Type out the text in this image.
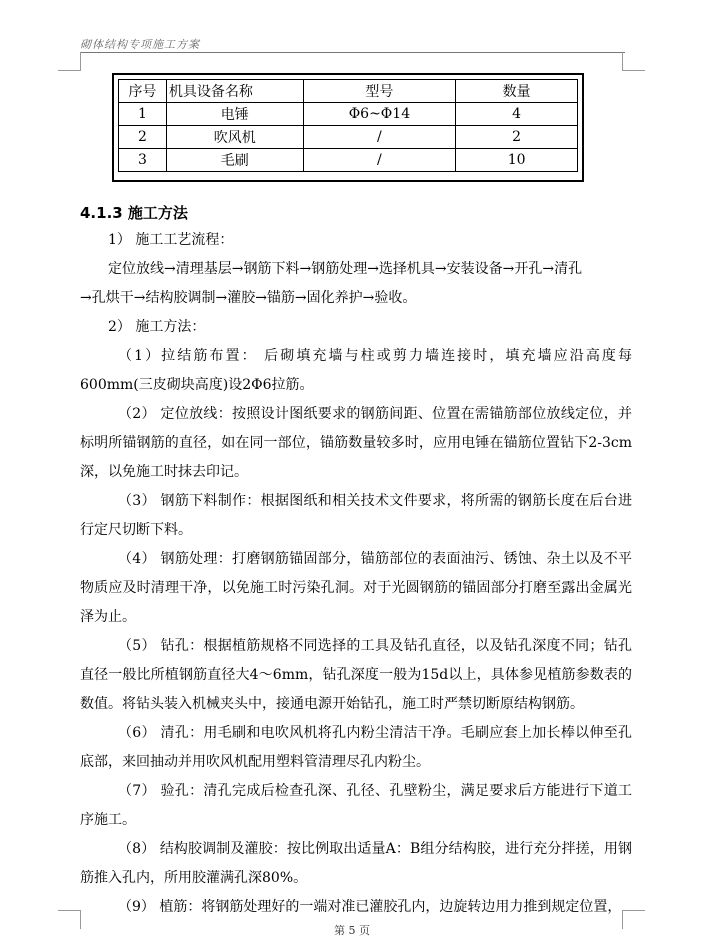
砌体结构专项施工方案
序号	机具设备名称	型号	数量
1	电锤	Φ6~Φ14	4
2	吹风机	/	2
3	毛刷	/	10

4.1.3 施工方法

1） 施工工艺流程：

定位放线→清理基层→钢筋下料→钢筋处理→选择机具→安装设备→开孔→清孔

→孔烘干→结构胶调制→灌胶→锚筋→固化养护→验收。

2） 施工方法：

（1）拉结筋布置： 后砌填充墙与柱或剪力墙连接时，填充墙应沿高度每600mm(三皮砌块高度)设2Φ6拉筋。

（2） 定位放线：按照设计图纸要求的钢筋间距、位置在需锚筋部位放线定位，并标明所锚钢筋的直径，如在同一部位，锚筋数量较多时，应用电锤在锚筋位置钻下2-3cm深，以免施工时抹去印记。

（3） 钢筋下料制作：根据图纸和相关技术文件要求，将所需的钢筋长度在后台进行定尺切断下料。

（4） 钢筋处理：打磨钢筋锚固部分，锚筋部位的表面油污、锈蚀、杂土以及不平物质应及时清理干净，以免施工时污染孔洞。对于光圆钢筋的锚固部分打磨至露出金属光泽为止。

（5） 钻孔：根据植筋规格不同选择的工具及钻孔直径，以及钻孔深度不同；钻孔直径一般比所植钢筋直径大4～6mm，钻孔深度一般为15d以上，具体参见植筋参数表的数值。将钻头装入机械夹头中，接通电源开始钻孔，施工时严禁切断原结构钢筋。

（6） 清孔：用毛刷和电吹风机将孔内粉尘清洁干净。毛刷应套上加长棒以伸至孔底部，来回抽动并用吹风机配用塑料管清理尽孔内粉尘。

（7） 验孔：清孔完成后检查孔深、孔径、孔壁粉尘，满足要求后方能进行下道工序施工。

（8） 结构胶调制及灌胶：按比例取出适量A：B组分结构胶，进行充分拌搓，用钢筋推入孔内，所用胶灌满孔深80%。

（9） 植筋：将钢筋处理好的一端对准已灌胶孔内，边旋转边用力推到规定位置，

第 5 页
